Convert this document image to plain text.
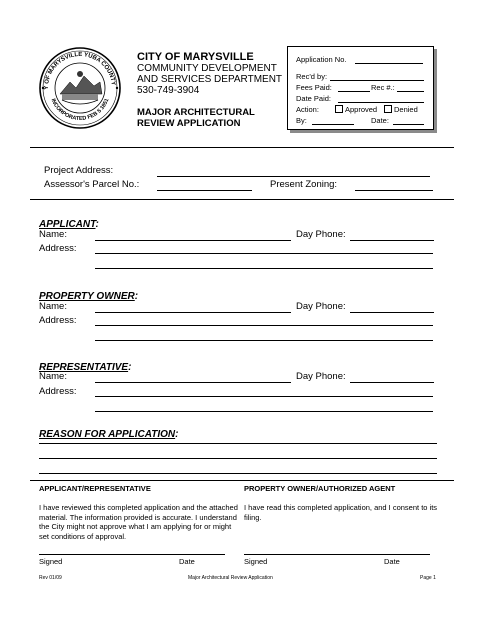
Y OF MARYSVILLE YUBA COUNTY
INCORPORATED FEB 5 1851
CITY OF MARYSVILLE
COMMUNITY DEVELOPMENT
AND SERVICES DEPARTMENT
530-749-3904
MAJOR ARCHITECTURAL
REVIEW APPLICATION
Application No.
Rec'd by:
Fees Paid:	Rec #.:
Date Paid:
Action:	Approved	Denied
By:	Date:
Project Address:
Assessor's Parcel No.:	Present Zoning:
APPLICANT:
Name:	Day Phone:
Address:
PROPERTY OWNER:
Name:	Day Phone:
Address:
REPRESENTATIVE:
Name:	Day Phone:
Address:
REASON FOR APPLICATION:
APPLICANT/REPRESENTATIVE
I have reviewed this completed application and the attached material. The information provided is accurate. I understand the City might not approve what I am applying for or might set conditions of approval.
Signed	Date
PROPERTY OWNER/AUTHORIZED AGENT
I have read this completed application, and I consent to its filing.
Signed	Date
Rev 01/09	Major Architectural Review Application	Page 1
